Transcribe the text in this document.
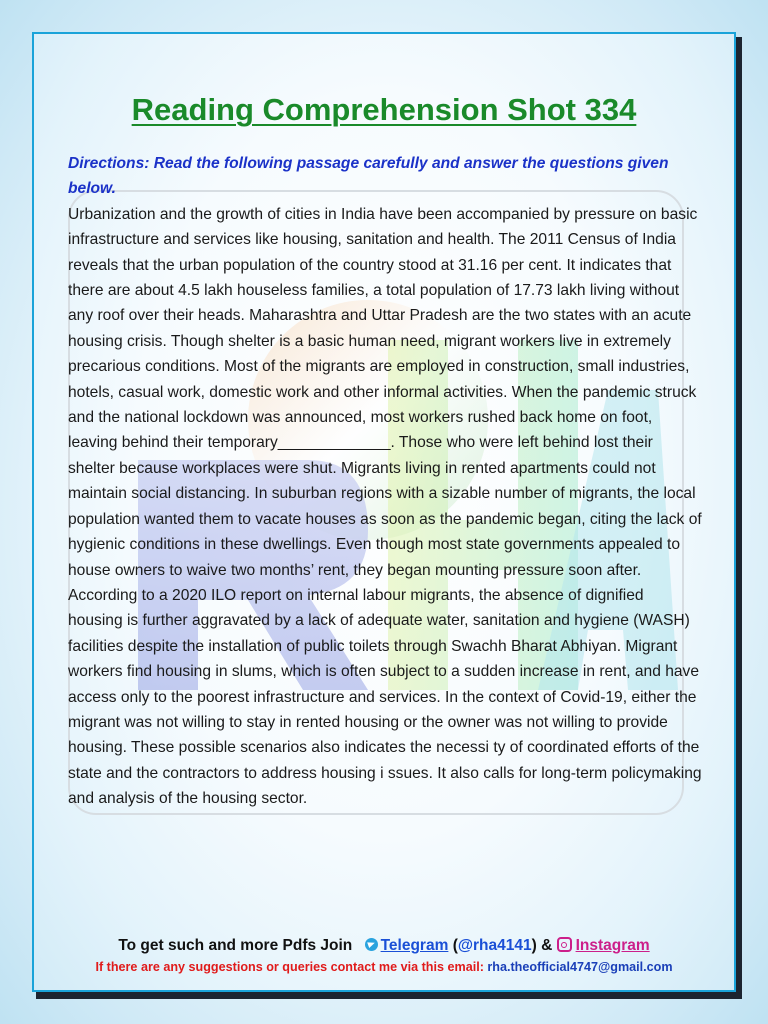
Reading Comprehension Shot 334

Directions: Read the following passage carefully and answer the questions given below.

Urbanization and the growth of cities in India have been accompanied by pressure on basic infrastructure and services like housing, sanitation and health. The 2011 Census of India reveals that the urban population of the country stood at 31.16 per cent. It indicates that there are about 4.5 lakh houseless families, a total population of 17.73 lakh living without any roof over their heads. Maharashtra and Uttar Pradesh are the two states with an acute housing crisis. Though shelter is a basic human need, migrant workers live in extremely precarious conditions. Most of the migrants are employed in construction, small industries, hotels, casual work, domestic work and other informal activities. When the pandemic struck and the national lockdown was announced, most workers rushed back home on foot, leaving behind their temporary_____________. Those who were left behind lost their shelter because workplaces were shut. Migrants living in rented apartments could not maintain social distancing. In suburban regions with a sizable number of migrants, the local population wanted them to vacate houses as soon as the pandemic began, citing the lack of hygienic conditions in these dwellings. Even though most state governments appealed to house owners to waive two months’ rent, they began mounting pressure soon after. According to a 2020 ILO report on internal labour migrants, the absence of dignified housing is further aggravated by a lack of adequate water, sanitation and hygiene (WASH) facilities despite the installation of public toilets through Swachh Bharat Abhiyan. Migrant workers find housing in slums, which is often subject to a sudden increase in rent, and have access only to the poorest infrastructure and services. In the context of Covid-19, either the migrant was not willing to stay in rented housing or the owner was not willing to provide housing. These possible scenarios also indicates the necessi ty of coordinated efforts of the state and the contractors to address housing i ssues. It also calls for long-term policymaking and analysis of the housing sector.

To get such and more Pdfs Join Telegram (@rha4141) & Instagram
If there are any suggestions or queries contact me via this email: rha.theofficial4747@gmail.com
